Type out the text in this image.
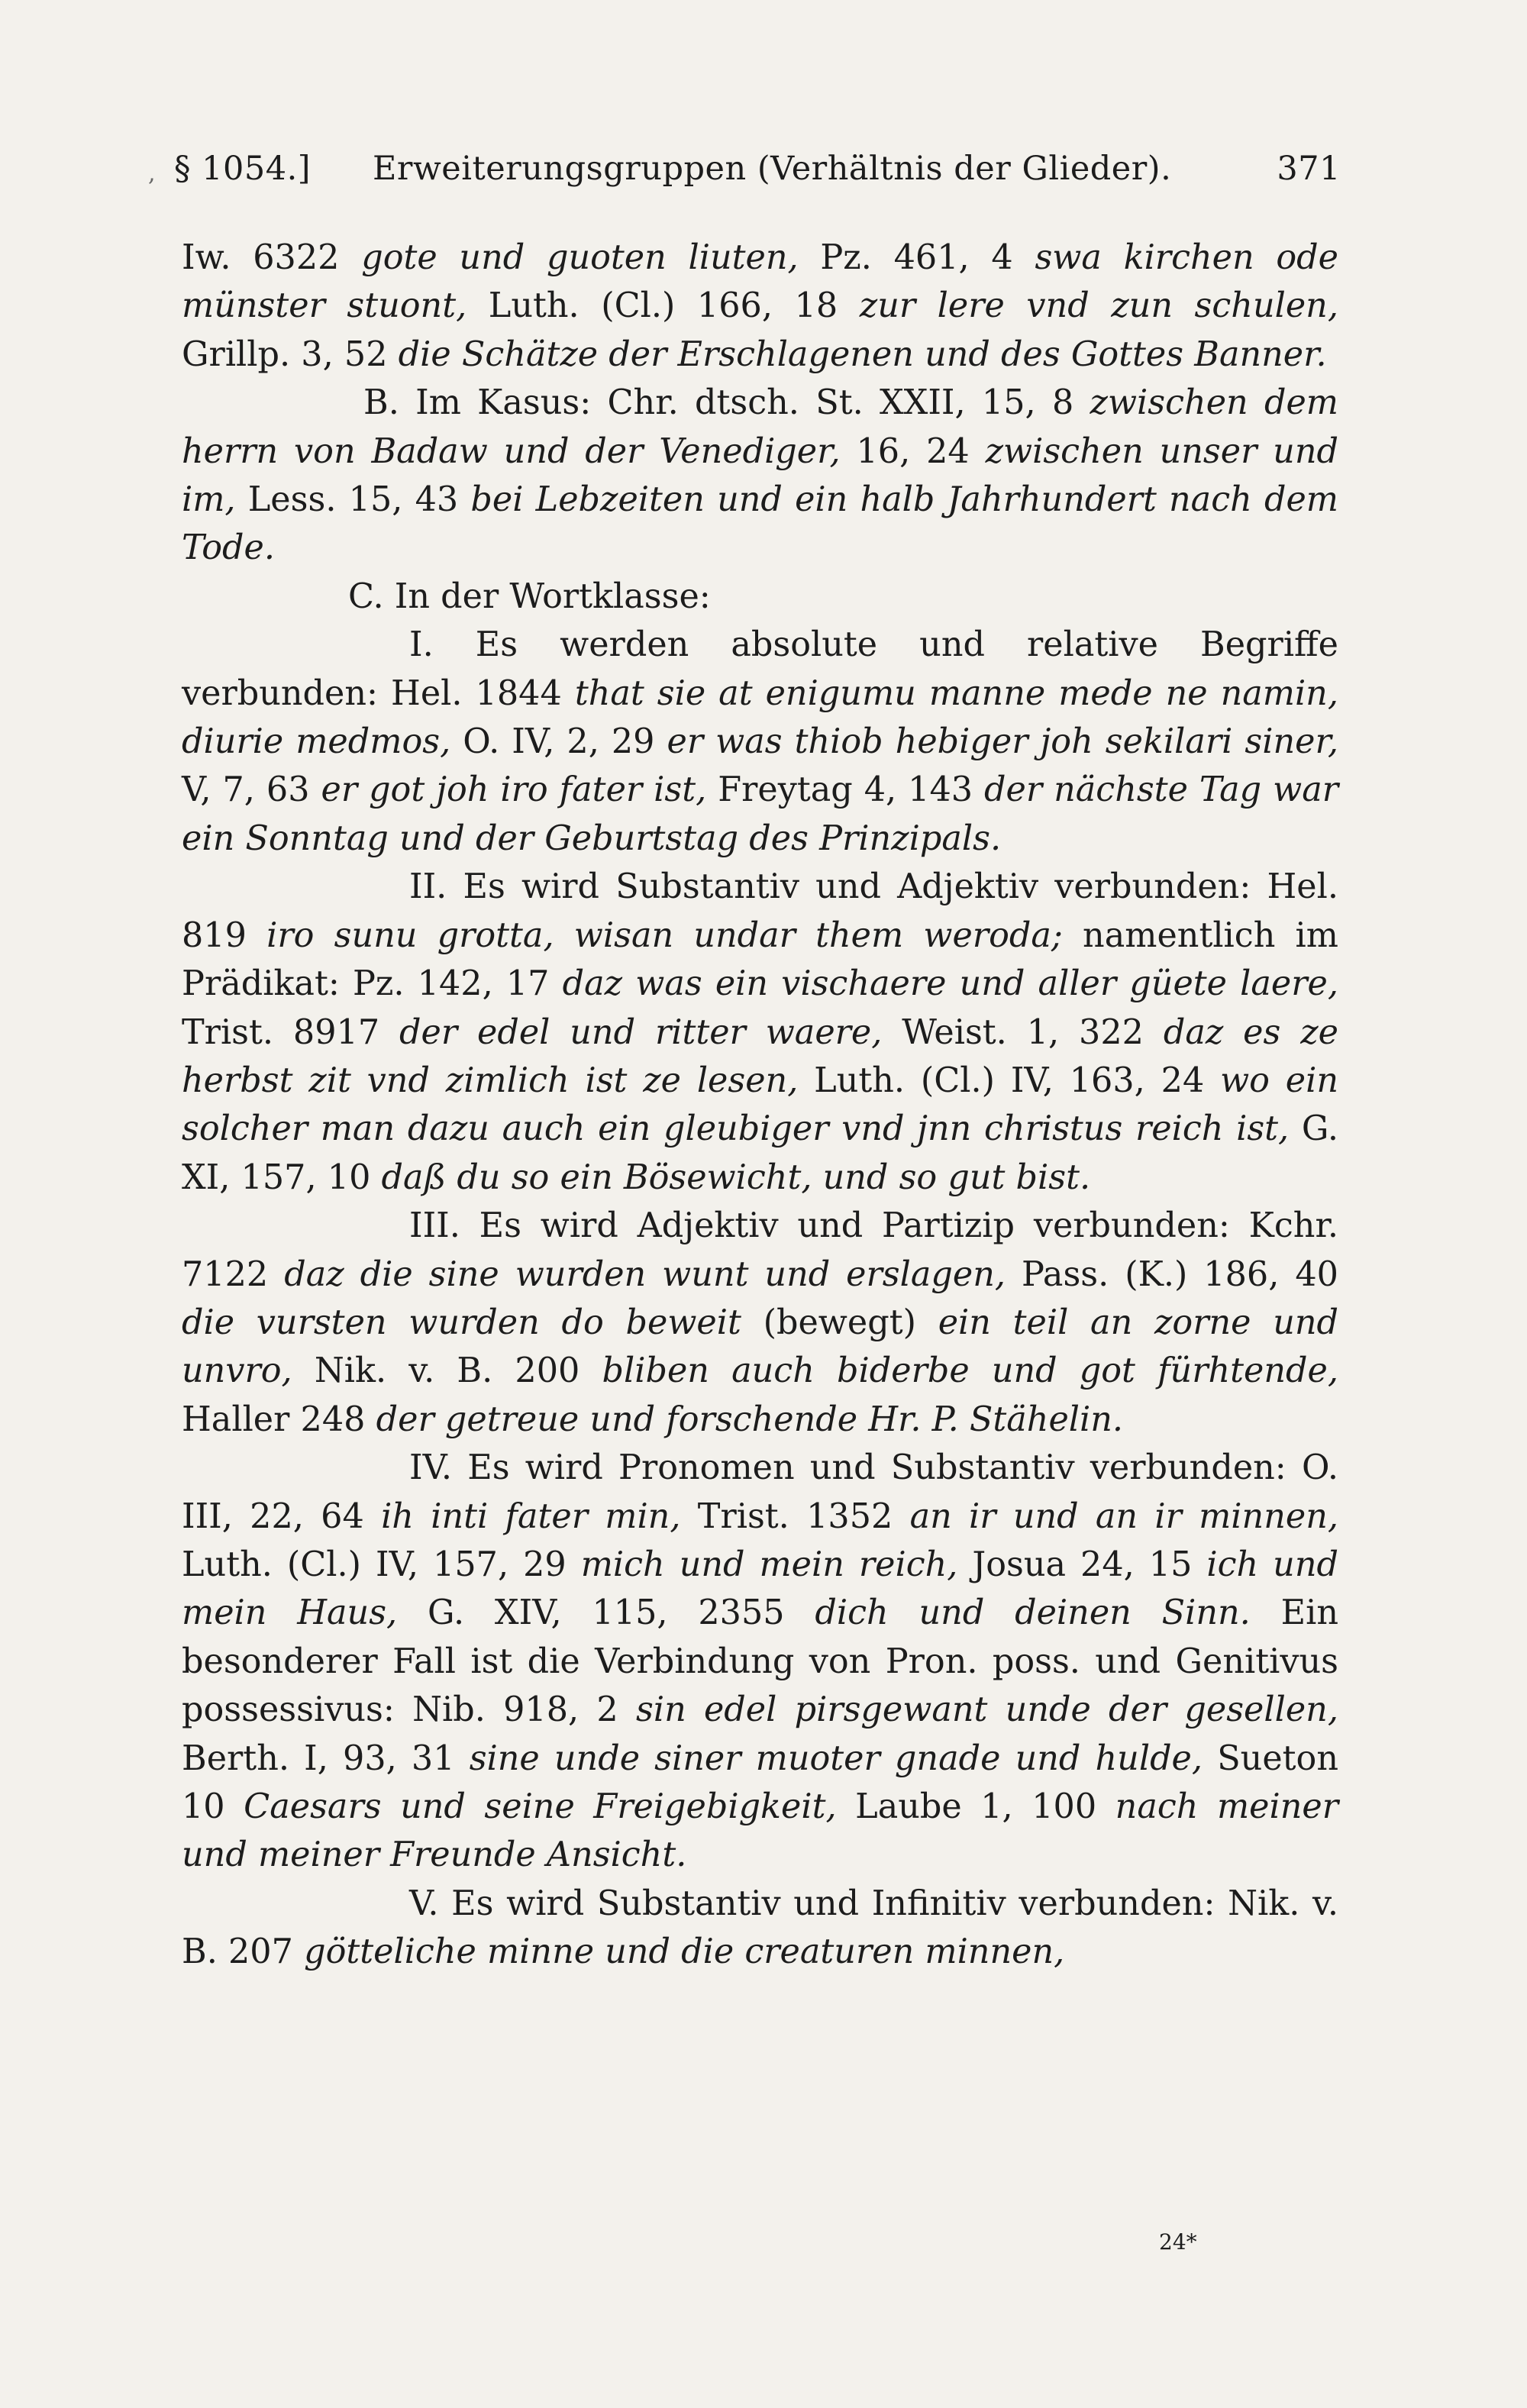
, § 1054.] Erweiterungsgruppen (Verhältnis der Glieder).	371

Iw. 6322 gote und guoten liuten, Pz. 461, 4 swa kirchen ode münster stuont, Luth. (Cl.) 166, 18 zur lere vnd zun schulen, Grillp. 3, 52 die Schätze der Erschlagenen und des Gottes Banner.

B. Im Kasus: Chr. dtsch. St. XXII, 15, 8 zwischen dem herrn von Badaw und der Venediger, 16, 24 zwischen unser und im, Less. 15, 43 bei Lebzeiten und ein halb Jahrhundert nach dem Tode.

C. In der Wortklasse:

I. Es werden absolute und relative Begriffe verbunden: Hel. 1844 that sie at enigumu manne mede ne namin, diurie medmos, O. IV, 2, 29 er was thiob hebiger joh sekilari siner, V, 7, 63 er got joh iro fater ist, Freytag 4, 143 der nächste Tag war ein Sonntag und der Geburtstag des Prinzipals.

II. Es wird Substantiv und Adjektiv verbunden: Hel. 819 iro sunu grotta, wisan undar them weroda; namentlich im Prädikat: Pz. 142, 17 daz was ein vischaere und aller güete laere, Trist. 8917 der edel und ritter waere, Weist. 1, 322 daz es ze herbst zit vnd zimlich ist ze lesen, Luth. (Cl.) IV, 163, 24 wo ein solcher man dazu auch ein gleubiger vnd jnn christus reich ist, G. XI, 157, 10 daß du so ein Bösewicht, und so gut bist.

III. Es wird Adjektiv und Partizip verbunden: Kchr. 7122 daz die sine wurden wunt und erslagen, Pass. (K.) 186, 40 die vursten wurden do beweit (bewegt) ein teil an zorne und unvro, Nik. v. B. 200 bliben auch biderbe und got fürhtende, Haller 248 der getreue und forschende Hr. P. Stähelin.

IV. Es wird Pronomen und Substantiv verbunden: O. III, 22, 64 ih inti fater min, Trist. 1352 an ir und an ir minnen, Luth. (Cl.) IV, 157, 29 mich und mein reich, Josua 24, 15 ich und mein Haus, G. XIV, 115, 2355 dich und deinen Sinn. Ein besonderer Fall ist die Verbindung von Pron. poss. und Genitivus possessivus: Nib. 918, 2 sin edel pirsgewant unde der gesellen, Berth. I, 93, 31 sine unde siner muoter gnade und hulde, Sueton 10 Caesars und seine Freigebigkeit, Laube 1, 100 nach meiner und meiner Freunde Ansicht.

V. Es wird Substantiv und Infinitiv verbunden: Nik. v. B. 207 götteliche minne und die creaturen minnen,

24*
